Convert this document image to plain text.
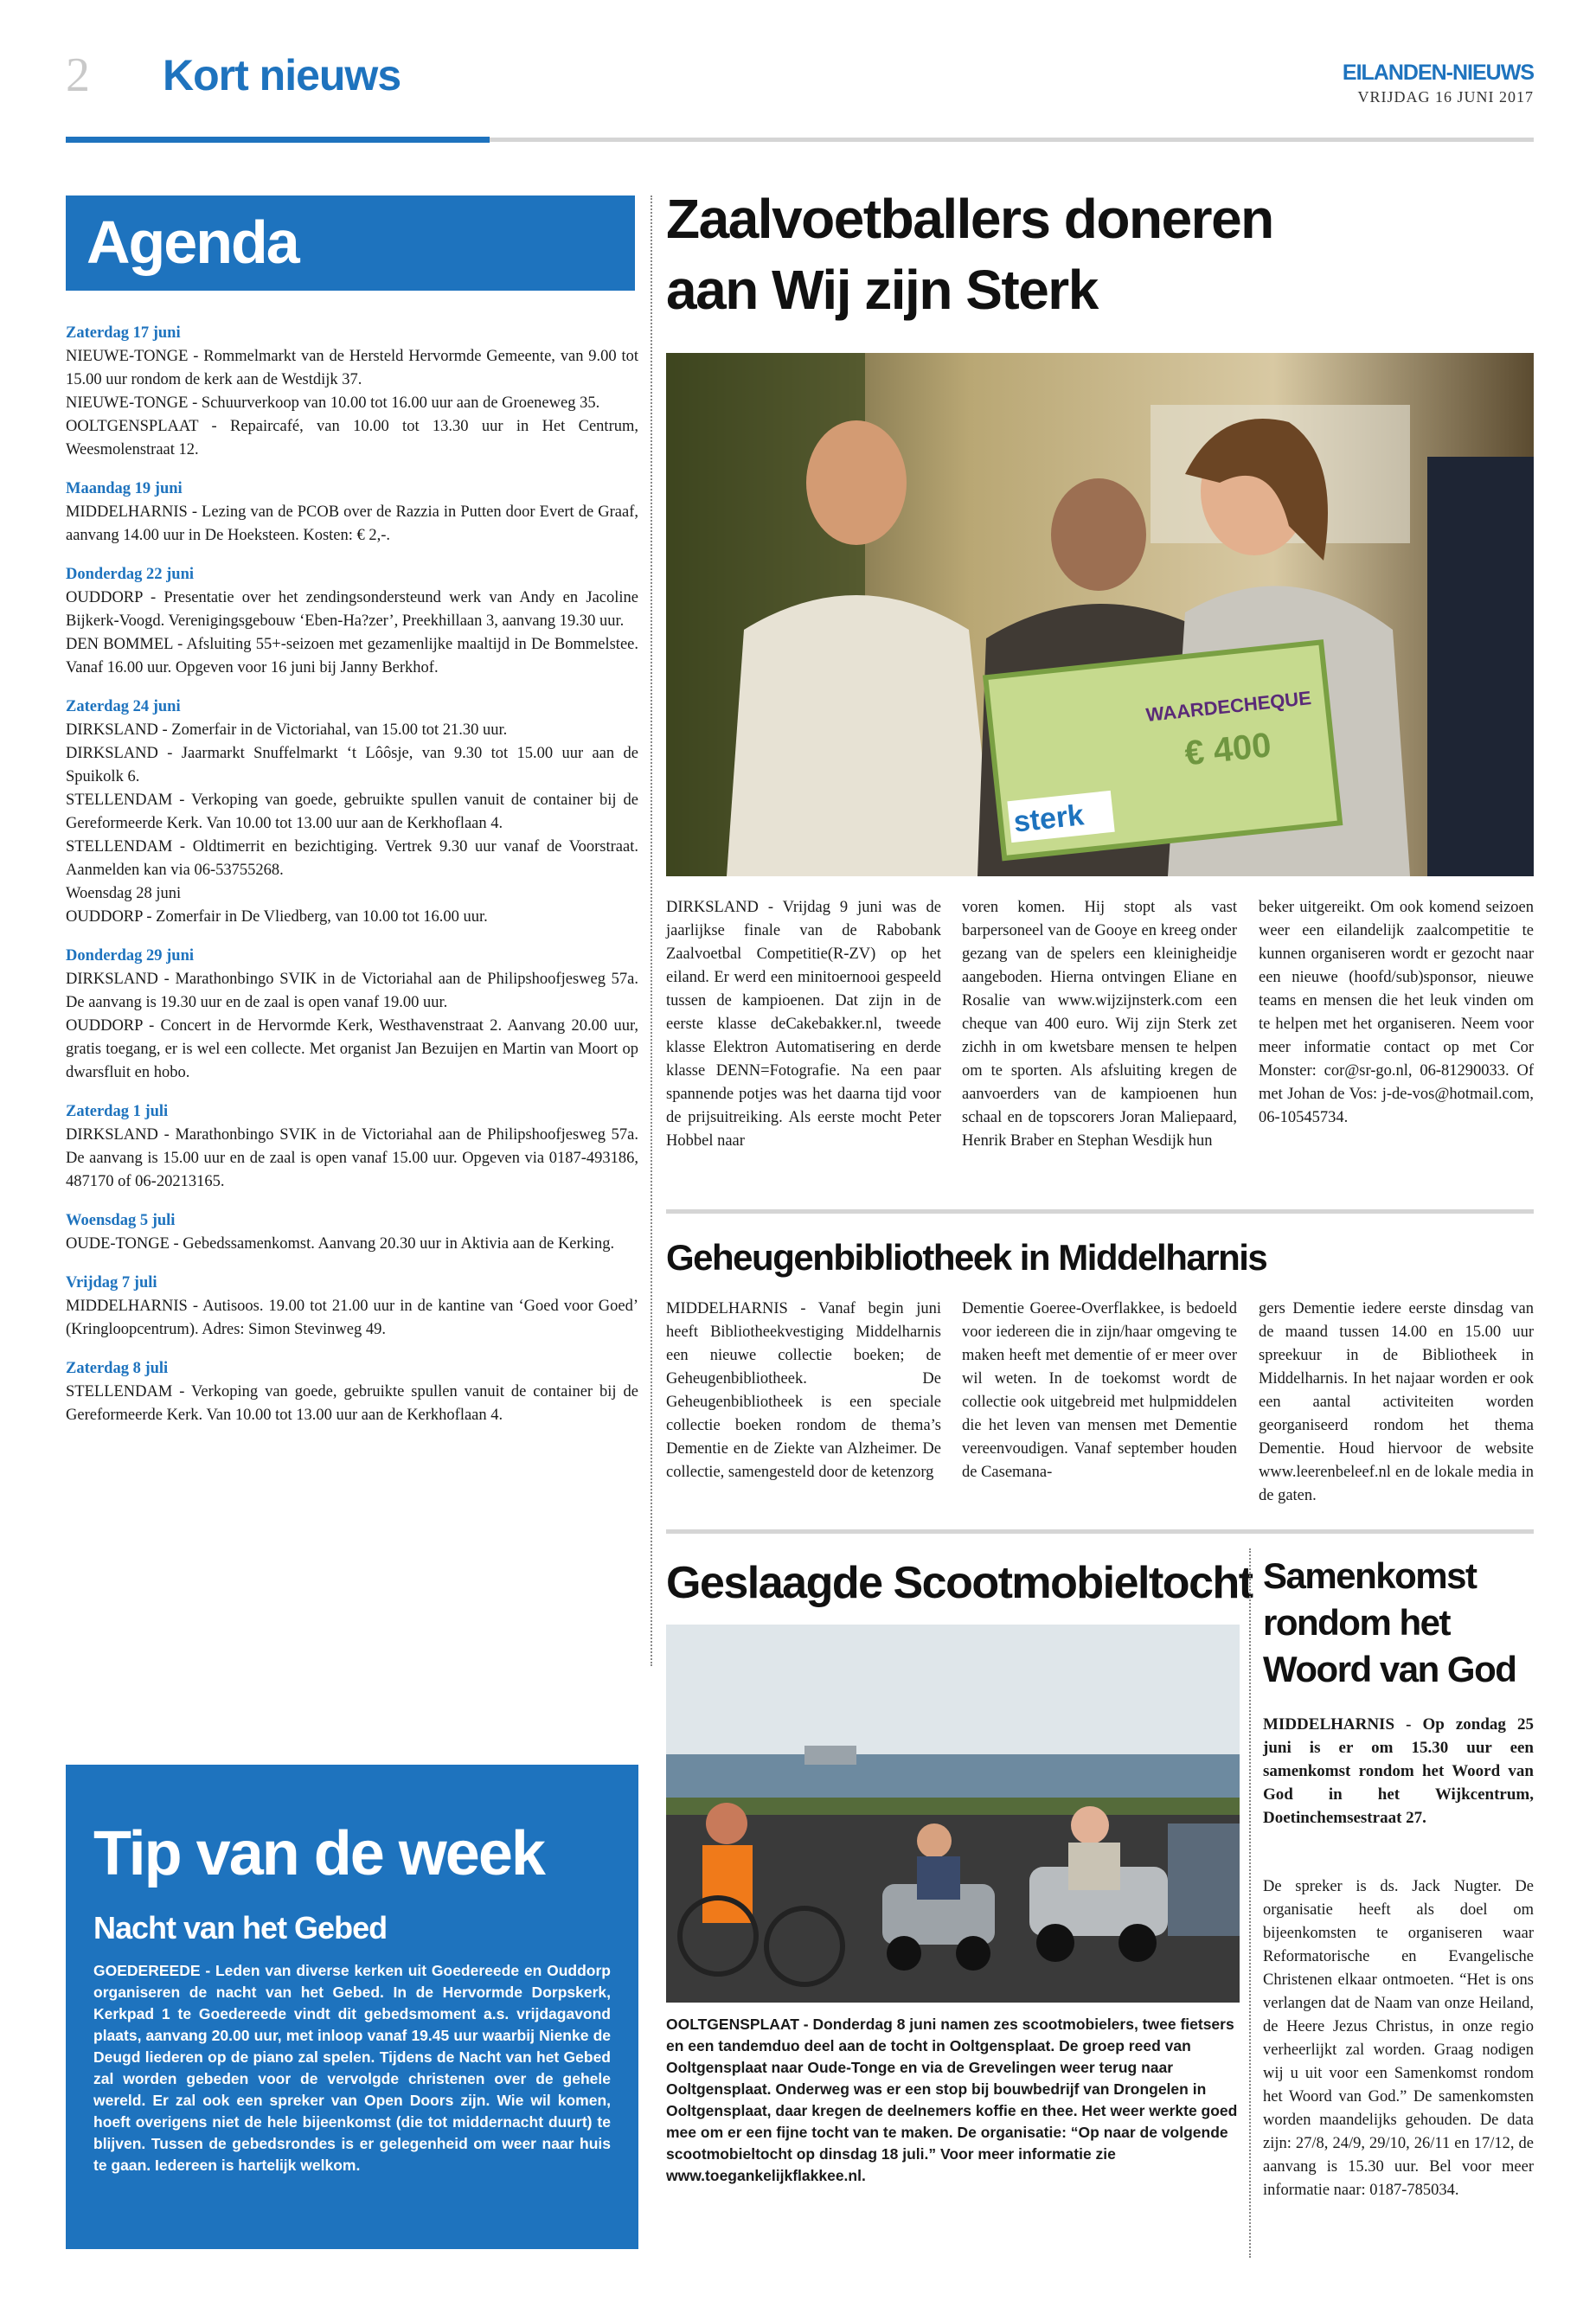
2 Kort nieuws	EILANDEN-NIEUWS
VRIJDAG 16 JUNI 2017
Agenda
Zaterdag 17 juni
NIEUWE-TONGE - Rommelmarkt van de Hersteld Hervormde Gemeente, van 9.00 tot 15.00 uur rondom de kerk aan de Westdijk 37.
NIEUWE-TONGE - Schuurverkoop van 10.00 tot 16.00 uur aan de Groeneweg 35.
OOLTGENSPLAAT - Repaircafé, van 10.00 tot 13.30 uur in Het Centrum, Weesmolenstraat 12.
Maandag 19 juni
MIDDELHARNIS - Lezing van de PCOB over de Razzia in Putten door Evert de Graaf, aanvang 14.00 uur in De Hoeksteen. Kosten: € 2,-.
Donderdag 22 juni
OUDDORP - Presentatie over het zendingsondersteund werk van Andy en Jacoline Bijkerk-Voogd. Verenigingsgebouw ‘Eben-Ha?zer’, Preekhillaan 3, aanvang 19.30 uur.
DEN BOMMEL - Afsluiting 55+-seizoen met gezamenlijke maaltijd in De Bommelstee. Vanaf 16.00 uur. Opgeven voor 16 juni bij Janny Berkhof.
Zaterdag 24 juni
DIRKSLAND - Zomerfair in de Victoriahal, van 15.00 tot 21.30 uur.
DIRKSLAND - Jaarmarkt Snuffelmarkt ‘t Lôôsje, van 9.30 tot 15.00 uur aan de Spuikolk 6.
STELLENDAM - Verkoping van goede, gebruikte spullen vanuit de container bij de Gereformeerde Kerk. Van 10.00 tot 13.00 uur aan de Kerkhoflaan 4.
STELLENDAM - Oldtimerrit en bezichtiging. Vertrek 9.30 uur vanaf de Voorstraat. Aanmelden kan via 06-53755268.
Woensdag 28 juni
OUDDORP - Zomerfair in De Vliedberg, van 10.00 tot 16.00 uur.
Donderdag 29 juni
DIRKSLAND - Marathonbingo SVIK in de Victoriahal aan de Philipshoofjesweg 57a. De aanvang is 19.30 uur en de zaal is open vanaf 19.00 uur.
OUDDORP - Concert in de Hervormde Kerk, Westhavenstraat 2. Aanvang 20.00 uur, gratis toegang, er is wel een collecte. Met organist Jan Bezuijen en Martin van Moort op dwarsfluit en hobo.
Zaterdag 1 juli
DIRKSLAND - Marathonbingo SVIK in de Victoriahal aan de Philipshoofjesweg 57a. De aanvang is 15.00 uur en de zaal is open vanaf 15.00 uur. Opgeven via 0187-493186, 487170 of 06-20213165.
Woensdag 5 juli
OUDE-TONGE - Gebedssamenkomst. Aanvang 20.30 uur in Aktivia aan de Kerking.
Vrijdag 7 juli
MIDDELHARNIS - Autisoos. 19.00 tot 21.00 uur in de kantine van ‘Goed voor Goed’ (Kringloopcentrum). Adres: Simon Stevinweg 49.
Zaterdag 8 juli
STELLENDAM - Verkoping van goede, gebruikte spullen vanuit de container bij de Gereformeerde Kerk. Van 10.00 tot 13.00 uur aan de Kerkhoflaan 4.
Tip van de week
Nacht van het Gebed
GOEDEREEDE - Leden van diverse kerken uit Goedereede en Ouddorp organiseren de nacht van het Gebed. In de Hervormde Dorpskerk, Kerkpad 1 te Goedereede vindt dit gebedsmoment a.s. vrijdagavond plaats, aanvang 20.00 uur, met inloop vanaf 19.45 uur waarbij Nienke de Deugd liederen op de piano zal spelen. Tijdens de Nacht van het Gebed zal worden gebeden voor de vervolgde christenen over de gehele wereld. Er zal ook een spreker van Open Doors zijn. Wie wil komen, hoeft overigens niet de hele bijeenkomst (die tot middernacht duurt) te blijven. Tussen de gebedsrondes is er gelegenheid om weer naar huis te gaan. Iedereen is hartelijk welkom.
Zaalvoetballers doneren
aan Wij zijn Sterk
WAARDECHEQUE
€ 400
sterk
DIRKSLAND - Vrijdag 9 juni was de jaarlijkse finale van de Rabobank Zaalvoetbal Competitie(R-ZV) op het eiland. Er werd een minitoernooi gespeeld tussen de kampioenen. Dat zijn in de eerste klasse deCakebakker.nl, tweede klasse Elektron Automatisering en derde klasse DENN=Fotografie. Na een paar spannende potjes was het daarna tijd voor de prijsuitreiking. Als eerste mocht Peter Hobbel naar
voren komen. Hij stopt als vast barpersoneel van de Gooye en kreeg onder gezang van de spelers een kleinigheidje aangeboden. Hierna ontvingen Eliane en Rosalie van www.wijzijnsterk.com een cheque van 400 euro. Wij zijn Sterk zet zichh in om kwetsbare mensen te helpen om te sporten. Als afsluiting kregen de aanvoerders van de kampioenen hun schaal en de topscorers Joran Maliepaard, Henrik Braber en Stephan Wesdijk hun
beker uitgereikt. Om ook komend seizoen weer een eilandelijk zaalcompetitie te kunnen organiseren wordt er gezocht naar een nieuwe (hoofd/sub)sponsor, nieuwe teams en mensen die het leuk vinden om te helpen met het organiseren. Neem voor meer informatie contact op met Cor Monster: cor@sr-go.nl, 06-81290033. Of met Johan de Vos: j-de-vos@hotmail.com, 06-10545734.
Geheugenbibliotheek in Middelharnis
MIDDELHARNIS - Vanaf begin juni heeft Bibliotheekvestiging Middelharnis een nieuwe collectie boeken; de Geheugenbibliotheek. De Geheugenbibliotheek is een speciale collectie boeken rondom de thema’s Dementie en de Ziekte van Alzheimer. De collectie, samengesteld door de ketenzorg
Dementie Goeree-Overflakkee, is bedoeld voor iedereen die in zijn/haar omgeving te maken heeft met dementie of er meer over wil weten. In de toekomst wordt de collectie ook uitgebreid met hulpmiddelen die het leven van mensen met Dementie vereenvoudigen. Vanaf september houden de Casemana-
gers Dementie iedere eerste dinsdag van de maand tussen 14.00 en 15.00 uur spreekuur in de Bibliotheek in Middelharnis. In het najaar worden er ook een aantal activiteiten worden georganiseerd rondom het thema Dementie. Houd hiervoor de website www.leerenbeleef.nl en de lokale media in de gaten.
Geslaagde Scootmobieltocht
OOLTGENSPLAAT - Donderdag 8 juni namen zes scootmobielers, twee fietsers en een tandemduo deel aan de tocht in Ooltgensplaat. De groep reed van Ooltgensplaat naar Oude-Tonge en via de Grevelingen weer terug naar Ooltgensplaat. Onderweg was er een stop bij bouwbedrijf van Drongelen in Ooltgensplaat, daar kregen de deelnemers koffie en thee. Het weer werkte goed mee om er een fijne tocht van te maken. De organisatie: “Op naar de volgende scootmobieltocht op dinsdag 18 juli.” Voor meer informatie zie www.toegankelijkflakkee.nl.
Samenkomst
rondom het
Woord van God
MIDDELHARNIS - Op zondag 25 juni is er om 15.30 uur een samenkomst rondom het Woord van God in het Wijkcentrum, Doetinchemsestraat 27.
De spreker is ds. Jack Nugter. De organisatie heeft als doel om bijeenkomsten te organiseren waar Reformatorische en Evangelische Christenen elkaar ontmoeten. “Het is ons verlangen dat de Naam van onze Heiland, de Heere Jezus Christus, in onze regio verheerlijkt zal worden. Graag nodigen wij u uit voor een Samenkomst rondom het Woord van God.” De samenkomsten worden maandelijks gehouden. De data zijn: 27/8, 24/9, 29/10, 26/11 en 17/12, de aanvang is 15.30 uur. Bel voor meer informatie naar: 0187-785034.
